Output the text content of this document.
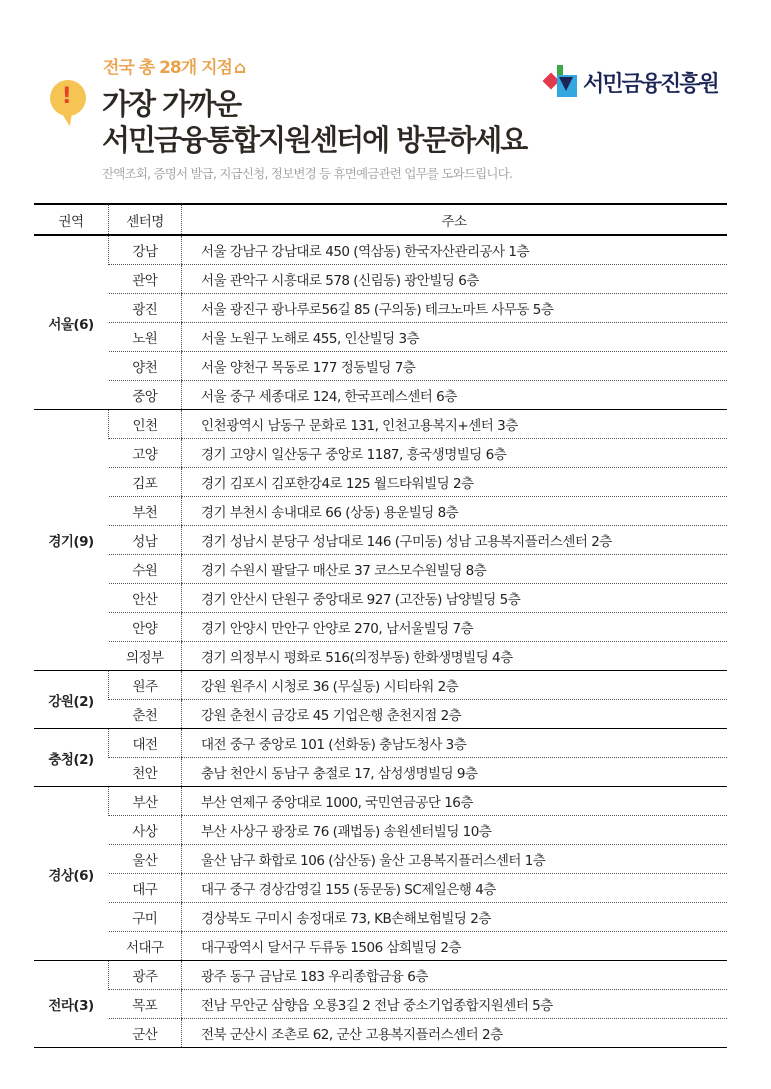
!
전국 총 28개 지점 ⌂
가장 가까운
서민금융통합지원센터에 방문하세요
잔액조회, 증명서 발급, 지급신청, 정보변경 등 휴면예금관련 업무를 도와드립니다.
서민금융진흥원
권역	센터명	주소
서울(6)	강남	서울 강남구 강남대로 450 (역삼동) 한국자산관리공사 1층
	관악	서울 관악구 시흥대로 578 (신림동) 광안빌딩 6층
	광진	서울 광진구 광나루로56길 85 (구의동) 테크노마트 사무동 5층
	노원	서울 노원구 노해로 455, 인산빌딩 3층
	양천	서울 양천구 목동로 177 정동빌딩 7층
	중앙	서울 중구 세종대로 124, 한국프레스센터 6층
경기(9)	인천	인천광역시 남동구 문화로 131, 인천고용복지+센터 3층
	고양	경기 고양시 일산동구 중앙로 1187, 흥국생명빌딩 6층
	김포	경기 김포시 김포한강4로 125 월드타워빌딩 2층
	부천	경기 부천시 송내대로 66 (상동) 용운빌딩 8층
	성남	경기 성남시 분당구 성남대로 146 (구미동) 성남 고용복지플러스센터 2층
	수원	경기 수원시 팔달구 매산로 37 코스모수원빌딩 8층
	안산	경기 안산시 단원구 중앙대로 927 (고잔동) 남양빌딩 5층
	안양	경기 안양시 만안구 안양로 270, 남서울빌딩 7층
	의정부	경기 의정부시 평화로 516(의정부동) 한화생명빌딩 4층
강원(2)	원주	강원 원주시 시청로 36 (무실동) 시티타워 2층
	춘천	강원 춘천시 금강로 45 기업은행 춘천지점 2층
충청(2)	대전	대전 중구 중앙로 101 (선화동) 충남도청사 3층
	천안	충남 천안시 동남구 충절로 17, 삼성생명빌딩 9층
경상(6)	부산	부산 연제구 중앙대로 1000, 국민연금공단 16층
	사상	부산 사상구 광장로 76 (괘법동) 송원센터빌딩 10층
	울산	울산 남구 화합로 106 (삼산동) 울산 고용복지플러스센터 1층
	대구	대구 중구 경상감영길 155 (동문동) SC제일은행 4층
	구미	경상북도 구미시 송정대로 73, KB손해보험빌딩 2층
	서대구	대구광역시 달서구 두류동 1506 삼희빌딩 2층
전라(3)	광주	광주 동구 금남로 183 우리종합금융 6층
	목포	전남 무안군 삼향읍 오룡3길 2 전남 중소기업종합지원센터 5층
	군산	전북 군산시 조촌로 62, 군산 고용복지플러스센터 2층
